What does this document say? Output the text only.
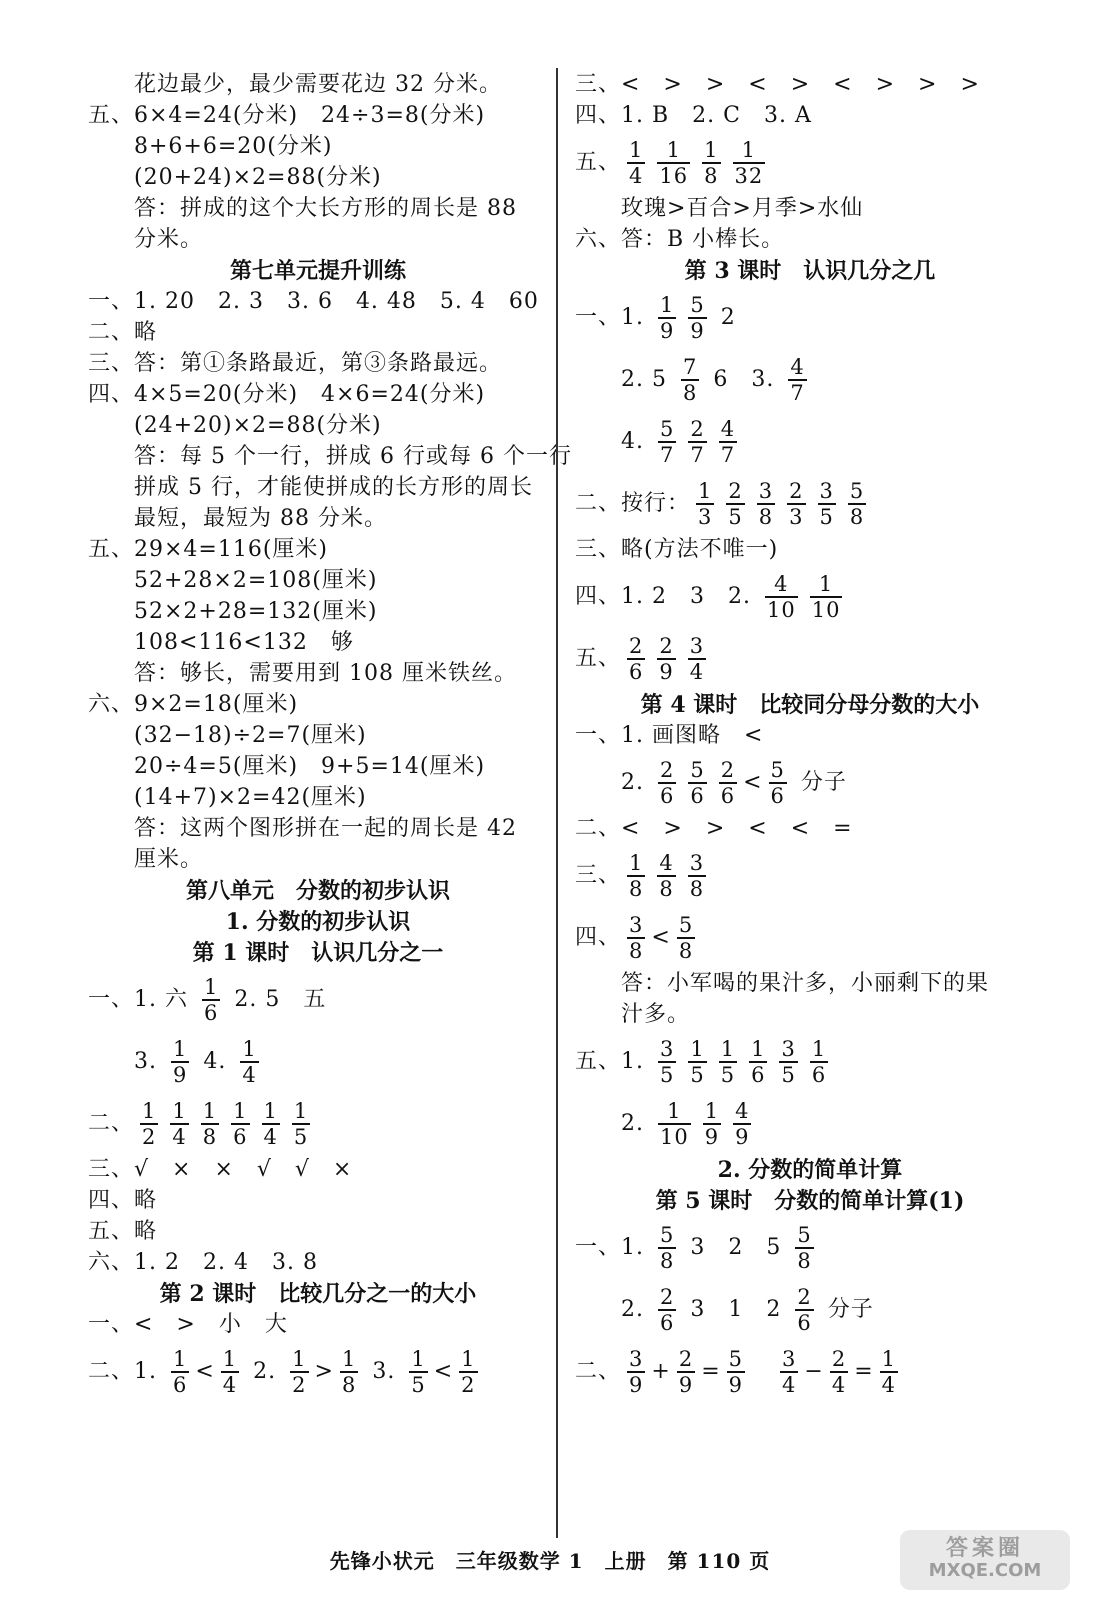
花边最少，最少需要花边 32 分米。
五、6×4=24(分米)　24÷3=8(分米)
8+6+6=20(分米)
(20+24)×2=88(分米)
答：拼成的这个大长方形的周长是 88
分米。
第七单元提升训练
一、1. 20　2. 3　3. 6　4. 48　5. 4　60
二、略
三、答：第①条路最近，第③条路最远。
四、4×5=20(分米)　4×6=24(分米)
(24+20)×2=88(分米)
答：每 5 个一行，拼成 6 行或每 6 个一行
拼成 5 行，才能使拼成的长方形的周长
最短，最短为 88 分米。
五、29×4=116(厘米)
52+28×2=108(厘米)
52×2+28=132(厘米)
108<116<132　够
答：够长，需要用到 108 厘米铁丝。
六、9×2=18(厘米)
(32−18)÷2=7(厘米)
20÷4=5(厘米)　9+5=14(厘米)
(14+7)×2=42(厘米)
答：这两个图形拼在一起的周长是 42
厘米。
第八单元　分数的初步认识
1. 分数的初步认识
第 1 课时　认识几分之一
一、1. 六 1
6
2. 5　五
3. 1
9
4. 1
4
二、 1
2
1
4
1
8
1
6
1
4
1
5
三、√　×　×　√　√　×
四、略
五、略
六、1. 2　2. 4　3. 8
第 2 课时　比较几分之一的大小
一、<　>　小　大
二、1. 1
6
< 1
4
2. 1
2
> 1
8
3. 1
5
< 1
2
三、<　>　>　<　>　<　>　>　>
四、1. B　2. C　3. A
五、 1
4
1
16
1
8
1
32
玫瑰>百合>月季>水仙
六、答：B 小棒长。
第 3 课时　认识几分之几
一、1. 1
9
5
9
2
2. 5 7
8
6　3. 4
7
4. 5
7
2
7
4
7
二、按行： 1
3
2
5
3
8
2
3
3
5
5
8
三、略(方法不唯一)
四、1. 2　3　2. 4
10
1
10
五、 2
6
2
9
3
4
第 4 课时　比较同分母分数的大小
一、1. 画图略　<
2. 2
6
5
6
2
6
< 5
6
分子
二、<　>　>　<　<　=
三、 1
8
4
8
3
8
四、 3
8
< 5
8
答：小军喝的果汁多，小丽剩下的果
汁多。
五、1. 3
5
1
5
1
5
1
6
3
5
1
6
2. 1
10
1
9
4
9
2. 分数的简单计算
第 5 课时　分数的简单计算(1)
一、1. 5
8
3　2　5 5
8
2. 2
6
3　1　2 2
6
分子
二、 3
9
+ 2
9
= 5
9

3
4
− 2
4
= 1
4
先锋小状元　三年级数学 1　上册　第 110 页	答案圈
MXQE.COM
